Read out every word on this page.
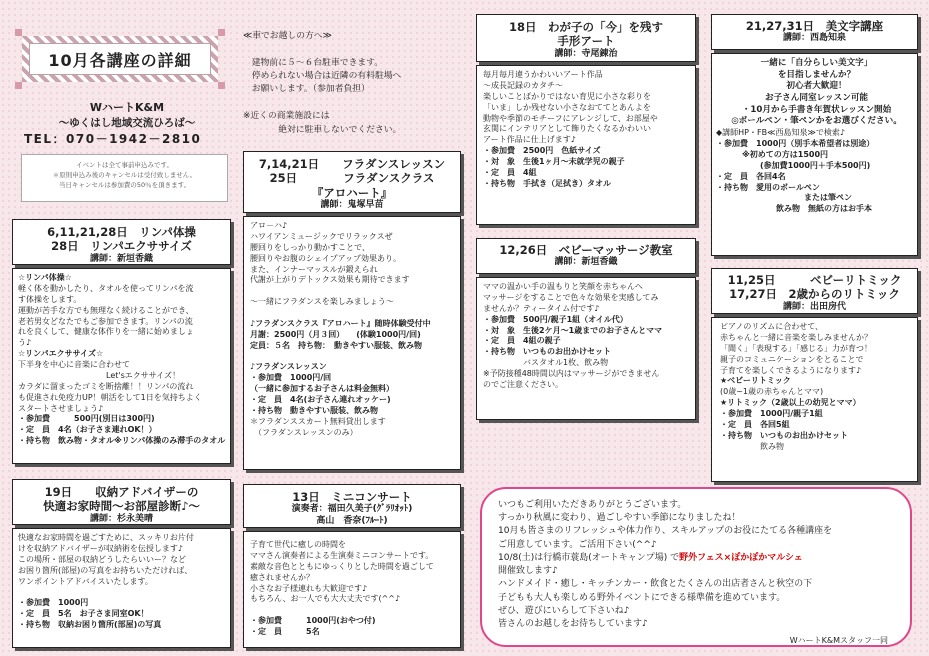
10月各講座の詳細
WハートK&M
～ゆくはし地域交流ひろば～
TEL：070－1942－2810
イベントは全て事前申込みです。
＊原則申込み後のキャンセルは受付致しません。
当日キャンセルは参加費の50％を頂きます。
≪車でお越しの方へ≫

　建物前に５～６台駐車できます。
　停められない場合は近隣の有料駐場へ
　お願いします。（参加者負担）

※近くの商業施設には
　　　　絶対に駐車しないでください。
6,11,21,28日　リンパ体操
28日　リンパエクササイズ
講師：新垣香織
☆リンパ体操☆
軽く体を動かしたり、タオルを使ってリンパを流
す体操をします。
運動が苦手な方でも無理なく続けることができ、
老若男女どなたでもご参加できます。リンパの流
れを良くして、健康な体作りを一緒に始めましょ
う♪
☆リンパエクササイズ☆
下半身を中心に音楽に合わせて
　　　　　　　　　　　Let'sエクササイズ！
カラダに溜まったゴミを断捨離！！リンパの流れ
も促進され免疫力UP！朝活をして1日を気持ちよく
スタートさせましょう♪
・参加費　　　500円(別日は300円)
・定　員　4名（お子さま連れOK！）
・持ち物　飲み物・タオル※リンパ体操のみ滞手のタオル
19日　　収納アドバイザーの
快適お家時間～お部屋診断♪～
講師：杉永美晴
快適なお家時間を過ごすために、スッキリお片付
けを収納アドバイザーが収納術を伝授します♪
この場所・部屋の収納どうしたらいいー？など
お困り箇所(部屋)の写真をお持ちいただければ、
ワンポイントアドバイスいたします。

・参加費　1000円
・定　員　5名　お子さま同室OK！
・持ち物　収納お困り箇所(部屋)の写真
7,14,21日　　フラダンスレッスン
25日　　　　フラダンスクラス
『アロハート』
講師：鬼塚早苗
アロ－ハ♪
ハワイアンミュージックでリラックスぜ
腰回りをしっかり動かすことで、
腰回りやお腹のシェイプアップ効果あり。
また、インナーマッスルが鍛えられ
代謝が上がりデトックス効果も期待できます

～一緒にフラダンスを楽しみましょう～

♪フラダンスクラス『アロハート』随時体験受付中
月謝：2500円（月３回）　　(体験1000円/回)
定員：５名　持ち物：　動きやすい服装、飲み物

♪フラダンスレッスン
・参加費　1000円/回
（一緒に参加するお子さんは料金無料）
・定　員　4名(お子さん連れオッケー)
・持ち物　動きやすい服装、飲み物
＊フラダンススカート無料貸出します
　（フラダンスレッスンのみ）
13日　ミニコンサート
演奏者：福田久美子(ｸﾞﾗﾘｵｯﾄ)
高山　香奈(ﾌﾙｰﾄ)
子育て世代に癒しの時間を
ママさん演奏者による生演奏ミニコンサートです。
素敵な音色とともにゆっくりとした時間を過ごして
癒されませんか？
小さなお子様連れも大歓迎です♪
もちろん、お一人でも大大丈夫です(^^♪

・参加費　　　1000円(おやつ付)
・定　員　　　5名
18日　わが子の「今」を残す
手形アート
講師：寺尾錬治
毎月毎月違うかわいいアート作品
～成長記録のカタチ～
楽しいことばかりではない育児に小さな彩りを
「いま」しか残せない小さなおててとあんよを
動物や季節のモチーフにアレンジして、お部屋や
玄関にインテリアとして飾りたくなるかわいい
アート作品に仕上げます♪
・参加費　2500円　色紙サイズ
・対　象　生後1ヶ月～未就学児の親子
・定　員　4組
・持ち物　手拭き（足拭き）タオル
12,26日　ベビーマッサージ教室
講師：新垣香織
ママの温かい手の温もりと笑顔を赤ちゃんへ
マッサージをすることで色々な効果を実感してみ
ませんか？ティータイム付です♪
・参加費　500円/親子1組（オイル代）
・対　象　生後2ケ月～1歳までのお子さんとママ
・定　員　4組の親子
・持ち物　いつものお出かけセット
　　　　　バスタオル1枚、飲み物
※予防接種48時間以内はマッサージができません
のでご注意ください。
21,27,31日　美文字講座
講師：西島知泉
一緒に「自分らしい美文字」
を目指しませんか？
初心者大歓迎！
お子さん同室レッスン可能
・10月から手書き年賀状レッスン開始
◎ボールペン・筆ペンかをお選びください。
◆講師HP・FB≪西島知泉≫で検索♪
・参加費　1000円（別手本希望者は別途）
※初めての方は1500円
(参加費1000円＋手本500円)
・定　員　各回4名
・持ち物　愛用のボールペン
または筆ペン
飲み物　無紙の方はお手本
11,25日　　　ベビーリトミック
17,27日　2歳からのリトミック
講師：出田房代
ピアノのリズムに合わせて、
赤ちゃんと一緒に音楽を楽しみませんか？
「聞く」「表現する」「感じる」力が育つ！
親子のコミュニケーションをとることで
子育てを楽しくできるようになります♪
★ベビーリトミック
(0歳~1歳の赤ちゃんとママ)
★リトミック（2歳以上の幼児とママ）
・参加費　1000円/親子1組
・定　員　各回5組
・持ち物　いつものお出かけセット
　　　　　飲み物
いつもご利用いただきありがとうございます。
すっかり秋風に変わり、過ごしやすい季節になりましたね！
10月も皆さまのリフレッシュや体力作り、スキルアップのお役にたてる各種講座を
ご用意しています。ご活用下さい(^^♪
10/8(土)は行橋市蓑島(オートキャンプ場) で野外フェス×ぽかぽかマルシェ
開催致します♪
ハンドメイド・癒し・キッチンカー・飲食とたくさんの出店者さんと秋空の下
子どもも大人も楽しめる野外イベントにできる様準備を進めています。
ぜひ、遊びにいらして下さいね♪
皆さんのお越しをお待ちしています♪
WハートK&Mスタッフ一同
